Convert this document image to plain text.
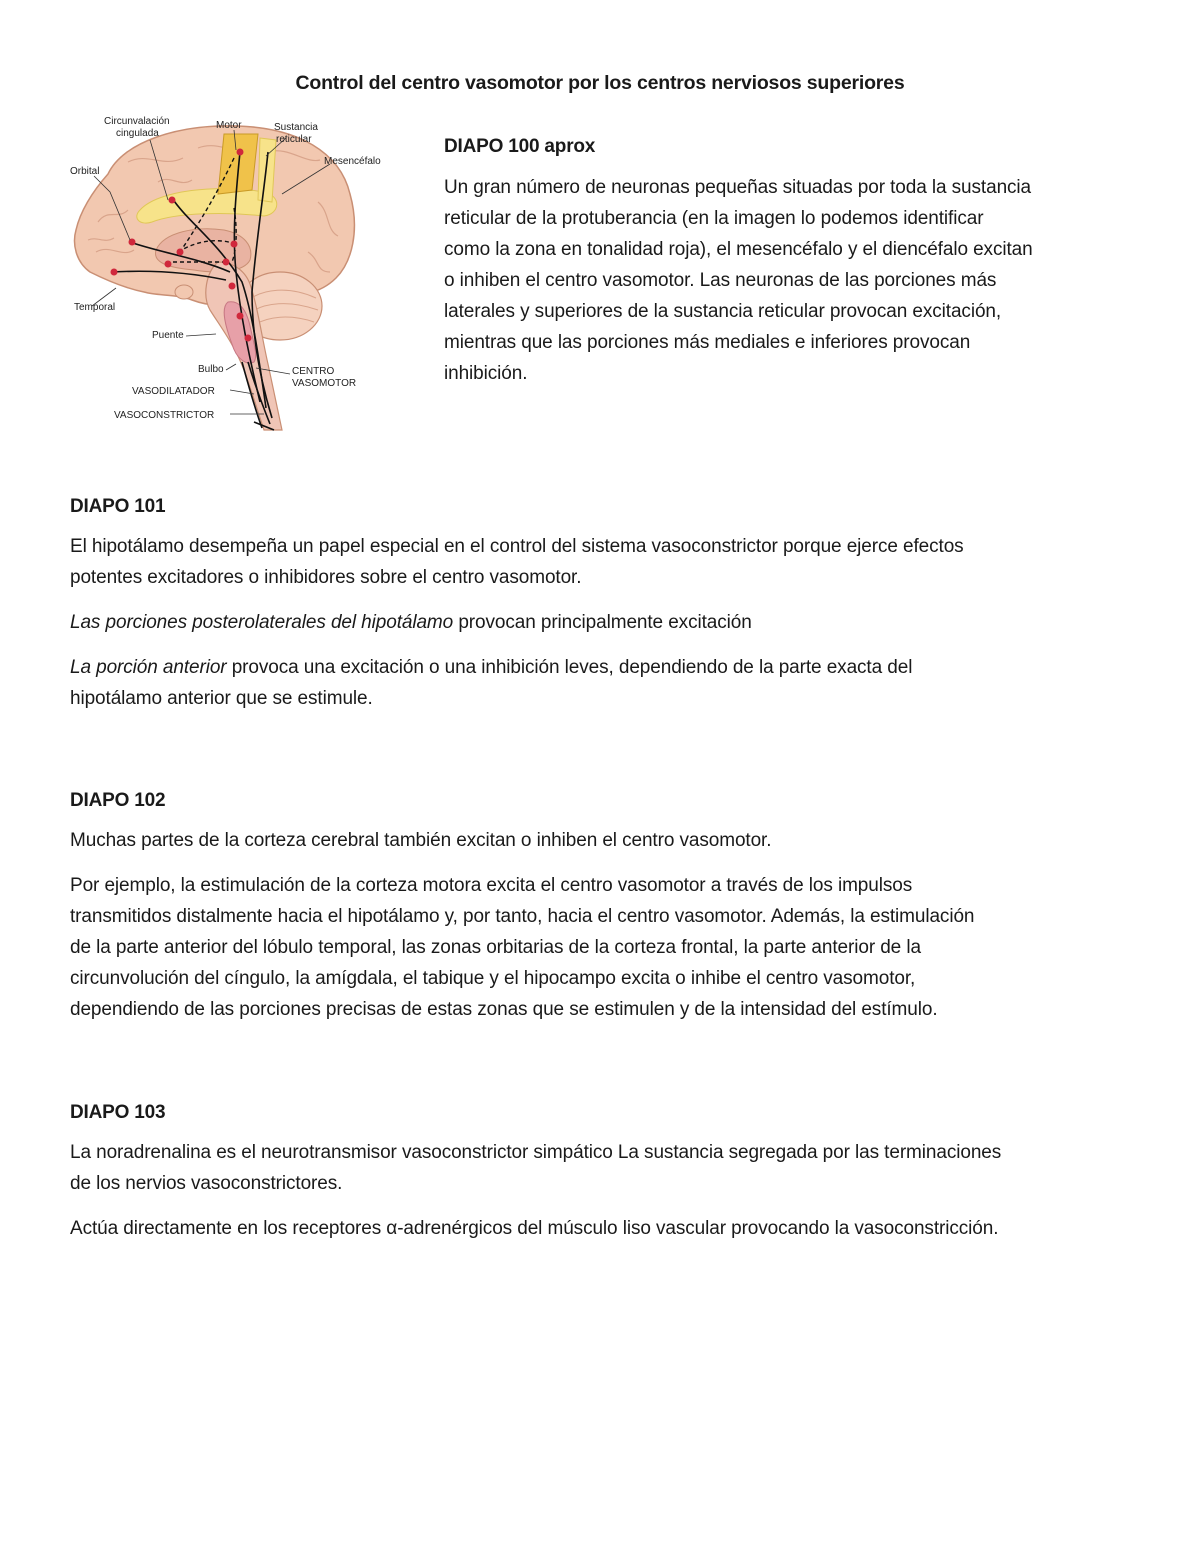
Control del centro vasomotor por los centros nerviosos superiores
Circunvalación
cingulada
Motor	Sustancia
reticular
Mesencéfalo
Orbital
Temporal
Puente
Bulbo	CENTRO
VASOMOTOR
VASODILATADOR
VASOCONSTRICTOR

DIAPO 100 aprox

Un gran número de neuronas pequeñas situadas por toda la sustancia
reticular de la protuberancia (en la imagen lo podemos identificar
como la zona en tonalidad roja), el mesencéfalo y el diencéfalo excitan
o inhiben el centro vasomotor. Las neuronas de las porciones más
laterales y superiores de la sustancia reticular provocan excitación,
mientras que las porciones más mediales e inferiores provocan
inhibición.

DIAPO 101

El hipotálamo desempeña un papel especial en el control del sistema vasoconstrictor porque ejerce efectos
potentes excitadores o inhibidores sobre el centro vasomotor.

Las porciones posterolaterales del hipotálamo provocan principalmente excitación

La porción anterior provoca una excitación o una inhibición leves, dependiendo de la parte exacta del
hipotálamo anterior que se estimule.

DIAPO 102

Muchas partes de la corteza cerebral también excitan o inhiben el centro vasomotor.

Por ejemplo, la estimulación de la corteza motora excita el centro vasomotor a través de los impulsos
transmitidos distalmente hacia el hipotálamo y, por tanto, hacia el centro vasomotor. Además, la estimulación
de la parte anterior del lóbulo temporal, las zonas orbitarias de la corteza frontal, la parte anterior de la
circunvolución del cíngulo, la amígdala, el tabique y el hipocampo excita o inhibe el centro vasomotor,
dependiendo de las porciones precisas de estas zonas que se estimulen y de la intensidad del estímulo.

DIAPO 103

La noradrenalina es el neurotransmisor vasoconstrictor simpático La sustancia segregada por las terminaciones
de los nervios vasoconstrictores.

Actúa directamente en los receptores α-adrenérgicos del músculo liso vascular provocando la vasoconstricción.
